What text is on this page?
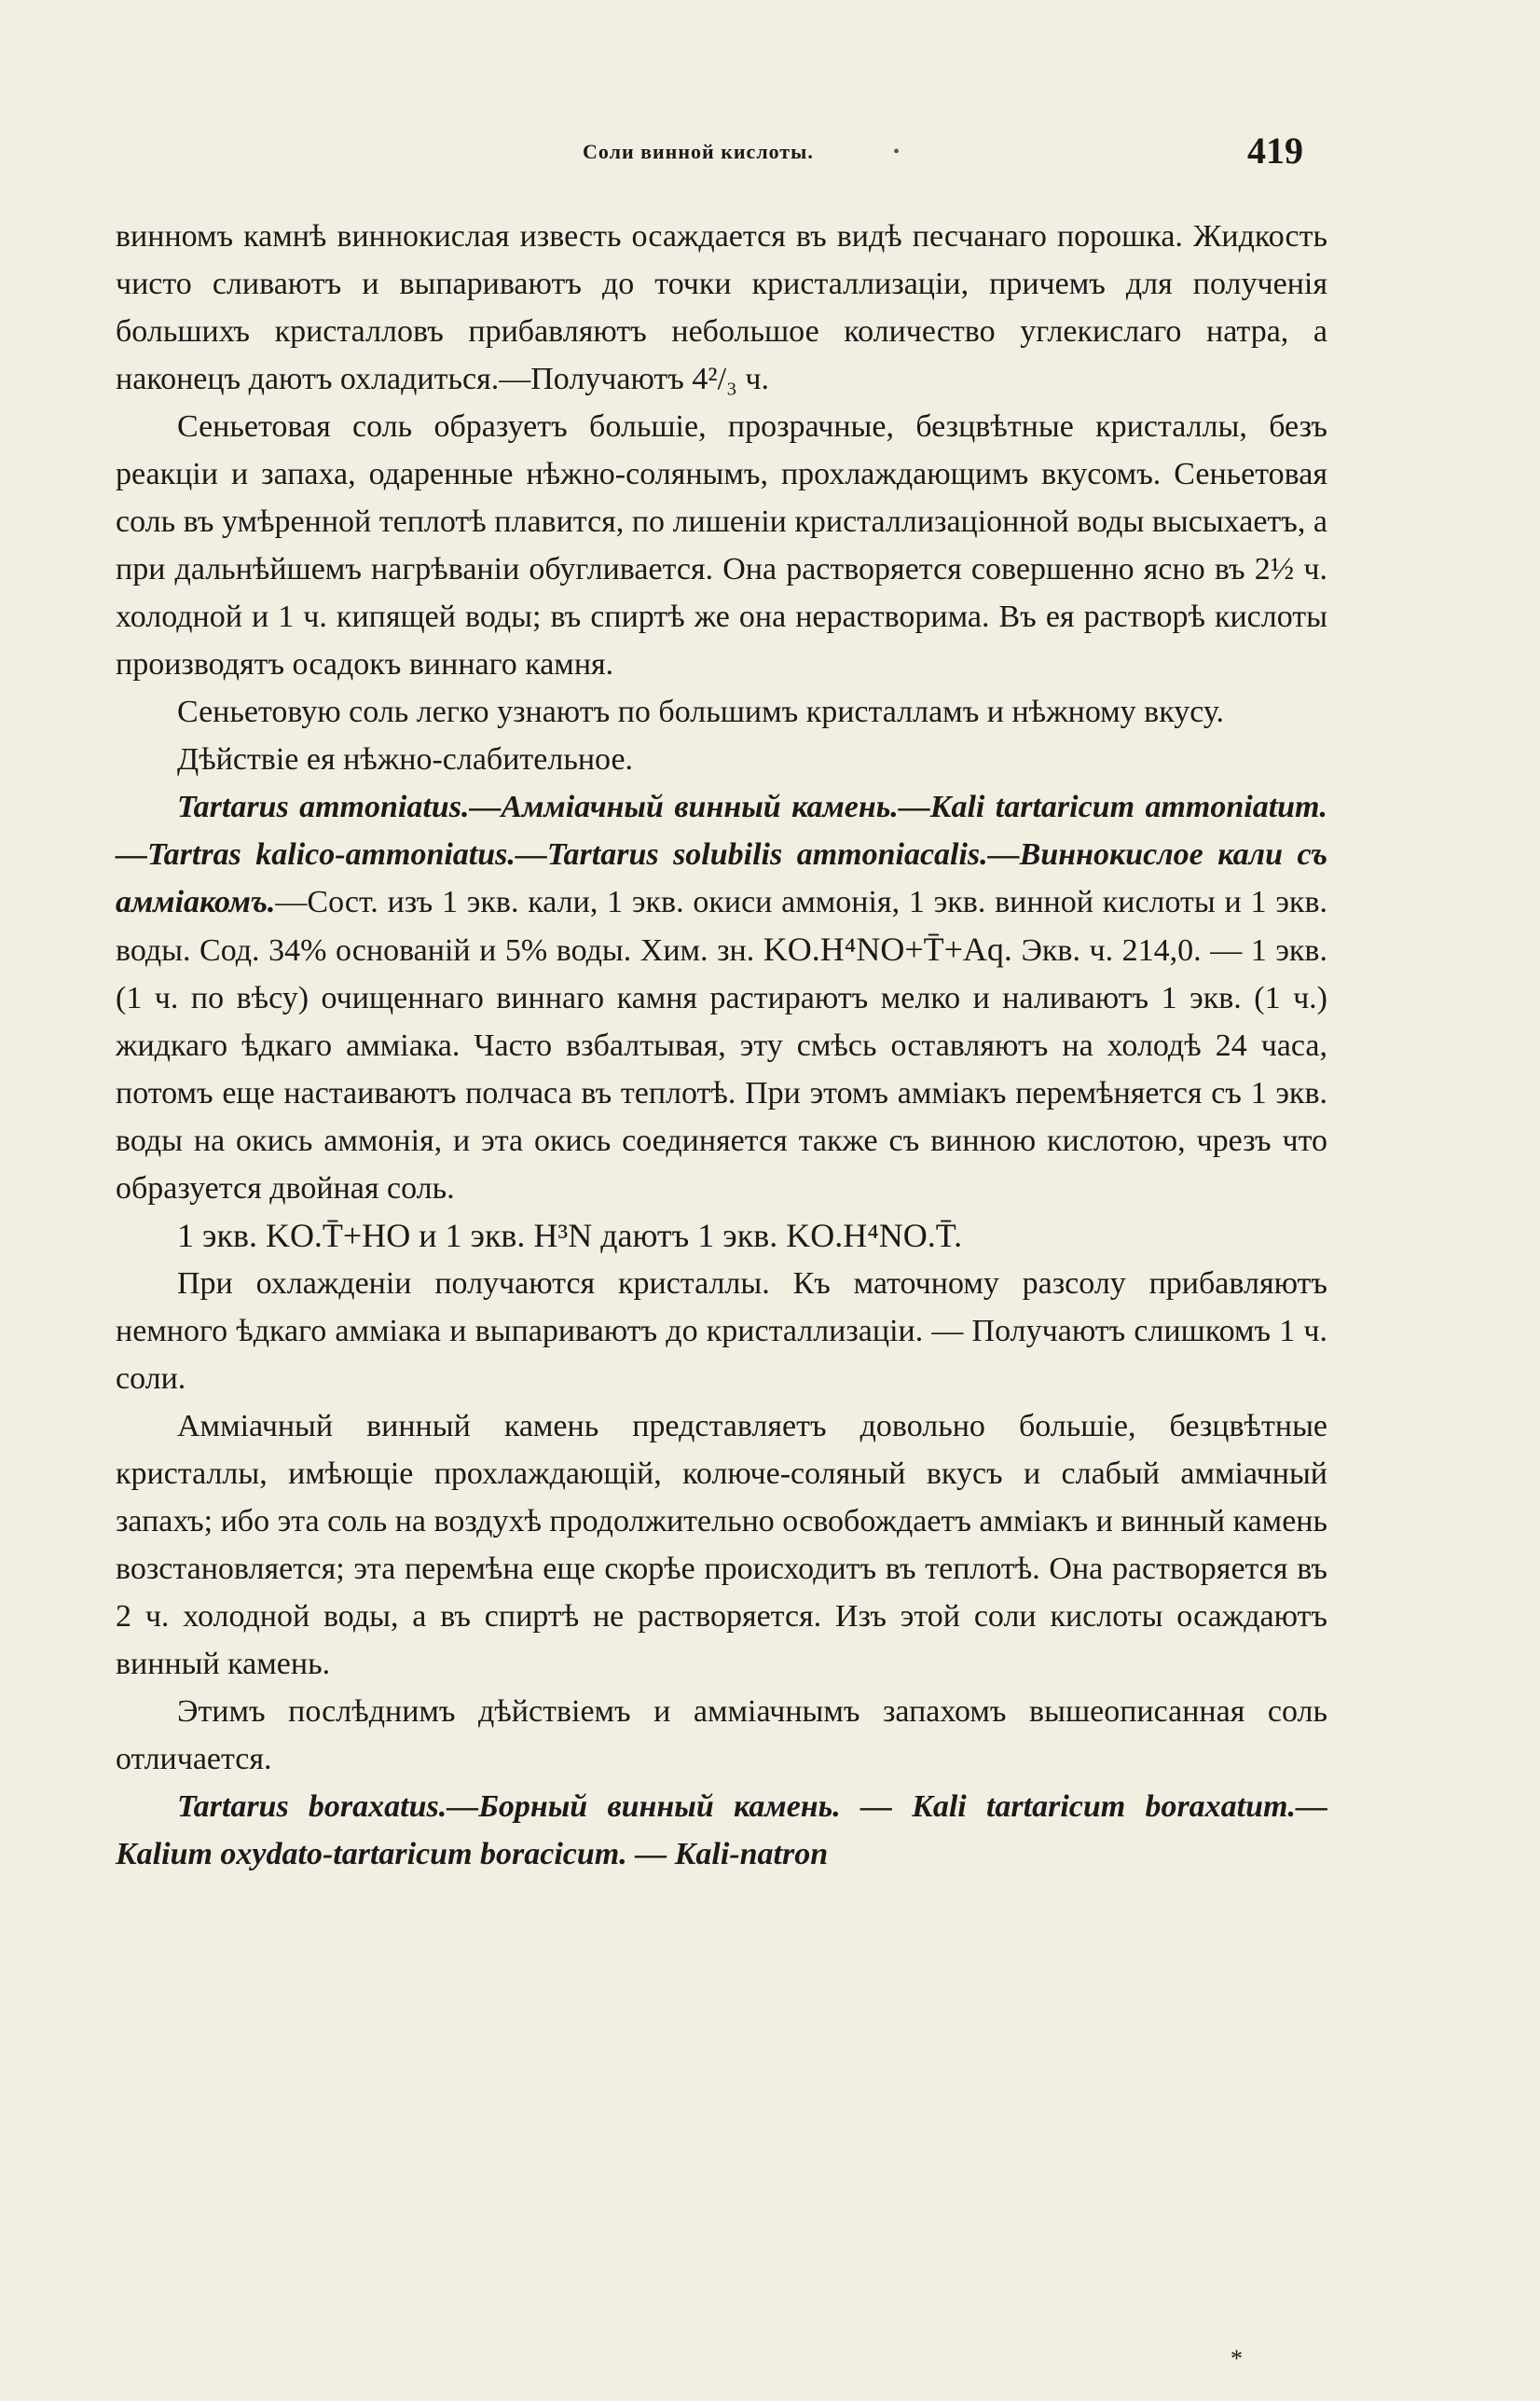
•
Соли винной кислоты.	419

винномъ камнѣ виннокислая известь осаждается въ видѣ песчанаго порошка. Жидкость чисто сливаютъ и выпариваютъ до точки кристаллизаціи, причемъ для полученія большихъ кристалловъ прибавляютъ небольшое количество углекислаго натра, а наконецъ даютъ охладиться.—Получаютъ 4²/₃ ч.

Сеньетовая соль образуетъ большіе, прозрачные, безцвѣтные кристаллы, безъ реакціи и запаха, одаренные нѣжно-солянымъ, прохлаждающимъ вкусомъ. Сеньетовая соль въ умѣренной теплотѣ плавится, по лишеніи кристаллизаціонной воды высыхаетъ, а при дальнѣйшемъ нагрѣваніи обугливается. Она растворяется совершенно ясно въ 2½ ч. холодной и 1 ч. кипящей воды; въ спиртѣ же она нерастворима. Въ ея растворѣ кислоты производятъ осадокъ виннаго камня.

Сеньетовую соль легко узнаютъ по большимъ кристалламъ и нѣжному вкусу.

Дѣйствіе ея нѣжно-слабительное.

Tartarus ammoniatus.—Аммiачный винный камень.—Kali tartaricum ammoniatum.—Tartras kalico-ammoniatus.—Tartarus solubilis ammoniacalis.—Виннокислое кали съ аммiакомъ.—Сост. изъ 1 экв. кали, 1 экв. окиси аммонія, 1 экв. винной кислоты и 1 экв. воды. Сод. 34% основаній и 5% воды. Хим. зн. KO.H⁴NO+T̄+Aq. Экв. ч. 214,0. — 1 экв. (1 ч. по вѣсу) очищеннаго виннаго камня растираютъ мелко и наливаютъ 1 экв. (1 ч.) жидкаго ѣдкаго амміака. Часто взбалтывая, эту смѣсь оставляютъ на холодѣ 24 часа, потомъ еще настаиваютъ полчаса въ теплотѣ. При этомъ амміакъ перемѣняется съ 1 экв. воды на окись аммонія, и эта окись соединяется также съ винною кислотою, чрезъ что образуется двойная соль.

1 экв. KO.T̄+HO и 1 экв. H³N даютъ 1 экв. KO.H⁴NO.T̄.

При охлажденіи получаются кристаллы. Къ маточному разсолу прибавляютъ немного ѣдкаго амміака и выпариваютъ до кристаллизаціи. — Получаютъ слишкомъ 1 ч. соли.

Амміачный винный камень представляетъ довольно большіе, безцвѣтные кристаллы, имѣющіе прохлаждающій, колюче-соляный вкусъ и слабый амміачный запахъ; ибо эта соль на воздухѣ продолжительно освобождаетъ амміакъ и винный камень возстановляется; эта перемѣна еще скорѣе происходитъ въ теплотѣ. Она растворяется въ 2 ч. холодной воды, а въ спиртѣ не растворяется. Изъ этой соли кислоты осаждаютъ винный камень.

Этимъ послѣднимъ дѣйствіемъ и амміачнымъ запахомъ вышеописанная соль отличается.

Tartarus boraxatus.—Борный винный камень. — Kali tartaricum boraxatum.—Kalium oxydato-tartaricum boracicum. — Kali-natron

*
